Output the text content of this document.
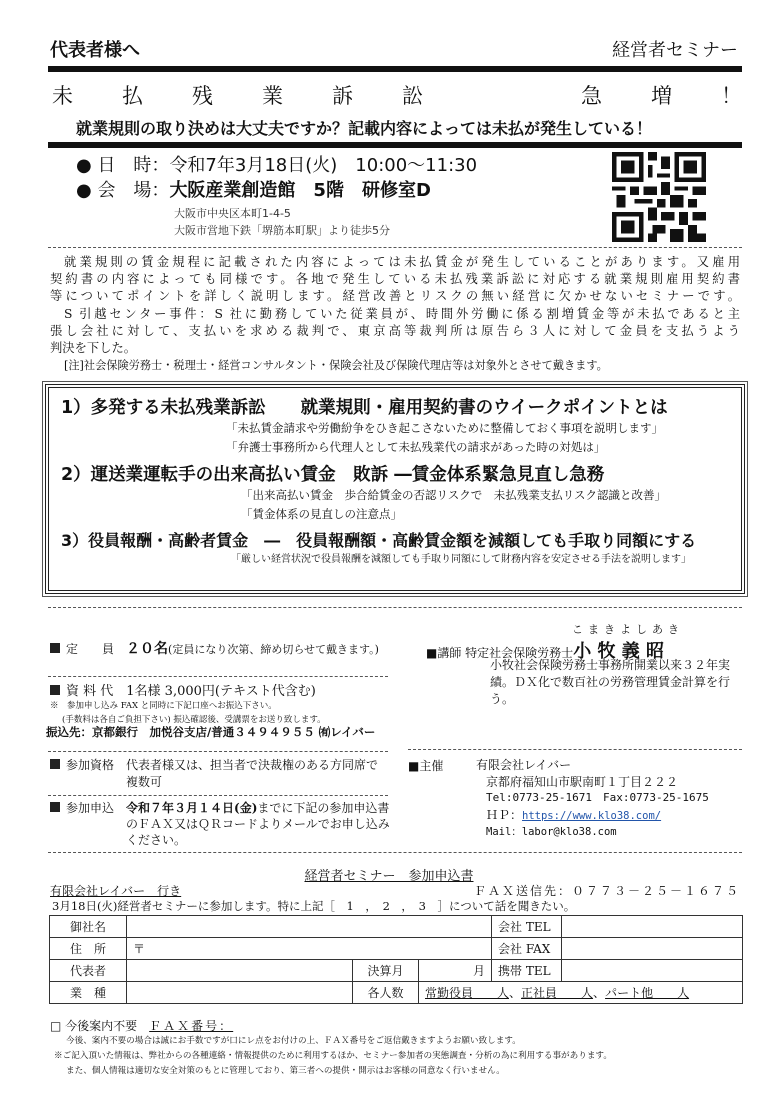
代表者様へ	経営者セミナー
未 払 残 業 訴 訟	急 増 ！
就業規則の取り決めは大丈夫ですか？記載内容によっては未払が発生している！
● 日　時：令和7年3月18日(火)　10:00～11:30
● 会　場：大阪産業創造館　5階　研修室D
大阪市中央区本町1-4-5
大阪市営地下鉄「堺筋本町駅」より徒歩5分
就業規則の賃金規程に記載された内容によっては未払賃金が発生していることがあります。又雇用
契約書の内容によっても同様です。各地で発生している未払残業訴訟に対応する就業規則雇用契約書
等についてポイントを詳しく説明します。経営改善とリスクの無い経営に欠かせないセミナーです。
S 引越センター事件：S 社に勤務していた従業員が、時間外労働に係る割増賃金等が未払であると主
張し会社に対して、支払いを求める裁判で、東京高等裁判所は原告ら３人に対して金員を支払うよう
判決を下した。
[注]社会保険労務士・税理士・経営コンサルタント・保険会社及び保険代理店等は対象外とさせて戴きます。
1）多発する未払残業訴訟　　就業規則・雇用契約書のウイークポイントとは
「未払賃金請求や労働紛争をひき起こさないために整備しておく事項を説明します」
「弁護士事務所から代理人として未払残業代の請求があった時の対処は」
2）運送業運転手の出来高払い賃金　敗訴 ―賃金体系緊急見直し急務
「出来高払い賃金　歩合給賃金の否認リスクで　未払残業支払リスク認識と改善」
「賃金体系の見直しの注意点」
3）役員報酬・高齢者賃金　―　役員報酬額・高齢賃金額を減額しても手取り同額にする
「厳しい経営状況で役員報酬を減額しても手取り同額にして財務内容を安定させる手法を説明します」
定　　員　 ２０名(定員になり次第、締め切らせて戴きます。)
資 料 代　 1名様 3,000円(テキスト代含む)
※　参加申し込み FAX と同時に下記口座へお振込下さい。
(手数料は各自ご負担下さい) 振込確認後、受講票をお送り致します。
振込先：京都銀行　加悦谷支店/普通３４９４９５５ ㈲レイバー
参加資格　	代表者様又は、担当者で決裁権のある方同席で複数可
参加申込　	令和７年３月１４日(金)までに下記の参加申込書のＦＡＸ又はＱＲコードよりメールでお申し込みください。
こまきよしあき
■講師 特定社会保険労務士小 牧 義 昭
小牧社会保険労務士事務所開業以来３２年実績。ＤＸ化で数百社の労務管理賃金計算を行う。
■主催	有限会社レイバー
京都府福知山市駅南町１丁目２２２
Tel:0773-25-1671　Fax:0773-25-1675
ＨＰ：https://www.klo38.com/
Mail：labor@klo38.com
経営者セミナー　参加申込書
有限会社レイバー　行き	ＦＡＸ送信先：０７７３－２５－１６７５
3月18日(火)経営者セミナーに参加します。特に上記［　1　，　2　，　3　］について話を聞きたい。
御社名				会社 TEL	
住　所	〒			会社 FAX	
代表者		決算月	月	携帯 TEL	
業　種		各人数	常勤役員　　人、正社員　　人、パート他　　人		
□ 今後案内不要　 ＦＡＸ番号：
今後、案内不要の場合は誠にお手数ですが口にレ点をお付けの上、ＦＡＸ番号をご返信戴きますようお願い致します。
※ご記入頂いた情報は、弊社からの各種連絡・情報提供のために利用するほか、セミナー参加者の実態調査・分析の為に利用する事があります。
また、個人情報は適切な安全対策のもとに管理しており、第三者への提供・開示はお客様の同意なく行いません。
